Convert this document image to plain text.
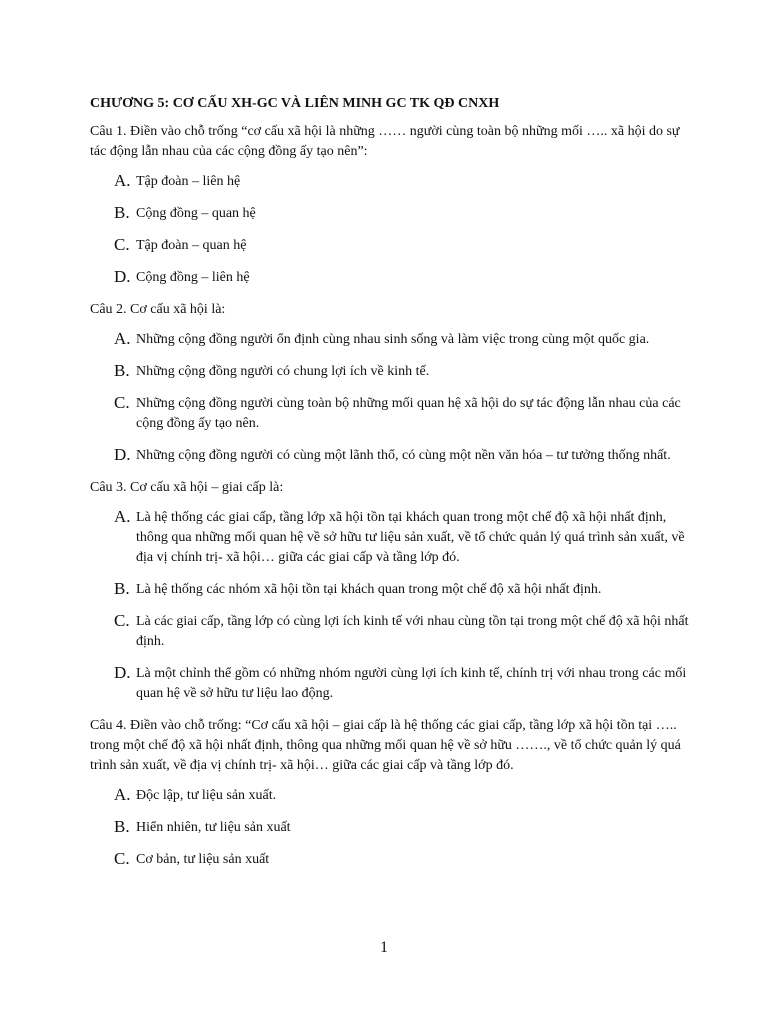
CHƯƠNG 5: CƠ CẤU XH-GC VÀ LIÊN MINH GC TK QĐ CNXH
Câu 1. Điền vào chỗ trống “cơ cấu xã hội là những …… người cùng toàn bộ những mối ….. xã hội do sự tác động lẫn nhau của các cộng đồng ấy tạo nên”:
A. Tập đoàn – liên hệ
B. Cộng đồng – quan hệ
C. Tập đoàn – quan hệ
D. Cộng đồng – liên hệ
Câu 2. Cơ cấu xã hội là:
A. Những cộng đồng người ổn định cùng nhau sinh sống và làm việc trong cùng một quốc gia.
B. Những cộng đồng người có chung lợi ích về kinh tế.
C. Những cộng đồng người cùng toàn bộ những mối quan hệ xã hội do sự tác động lẫn nhau của các cộng đồng ấy tạo nên.
D. Những cộng đồng người có cùng một lãnh thổ, có cùng một nền văn hóa – tư tưởng thống nhất.
Câu 3. Cơ cấu xã hội – giai cấp là:
A. Là hệ thống các giai cấp, tầng lớp xã hội tồn tại khách quan trong một chế độ xã hội nhất định, thông qua những mối quan hệ về sở hữu tư liệu sản xuất, về tổ chức quản lý quá trình sản xuất, về địa vị chính trị- xã hội… giữa các giai cấp và tầng lớp đó.
B. Là hệ thống các nhóm xã hội tồn tại khách quan trong một chế độ xã hội nhất định.
C. Là các giai cấp, tầng lớp có cùng lợi ích kinh tế với nhau cùng tồn tại trong một chế độ xã hội nhất định.
D. Là một chỉnh thể gồm có những nhóm người cùng lợi ích kinh tế, chính trị với nhau trong các mối quan hệ về sở hữu tư liệu lao động.
Câu 4. Điền vào chỗ trống: “Cơ cấu xã hội – giai cấp là hệ thống các giai cấp, tầng lớp xã hội tồn tại ….. trong một chế độ xã hội nhất định, thông qua những mối quan hệ về sở hữu ……., về tổ chức quản lý quá trình sản xuất, về địa vị chính trị- xã hội… giữa các giai cấp và tầng lớp đó.
A. Độc lập, tư liệu sản xuất.
B. Hiển nhiên, tư liệu sản xuất
C. Cơ bản, tư liệu sản xuất
1
